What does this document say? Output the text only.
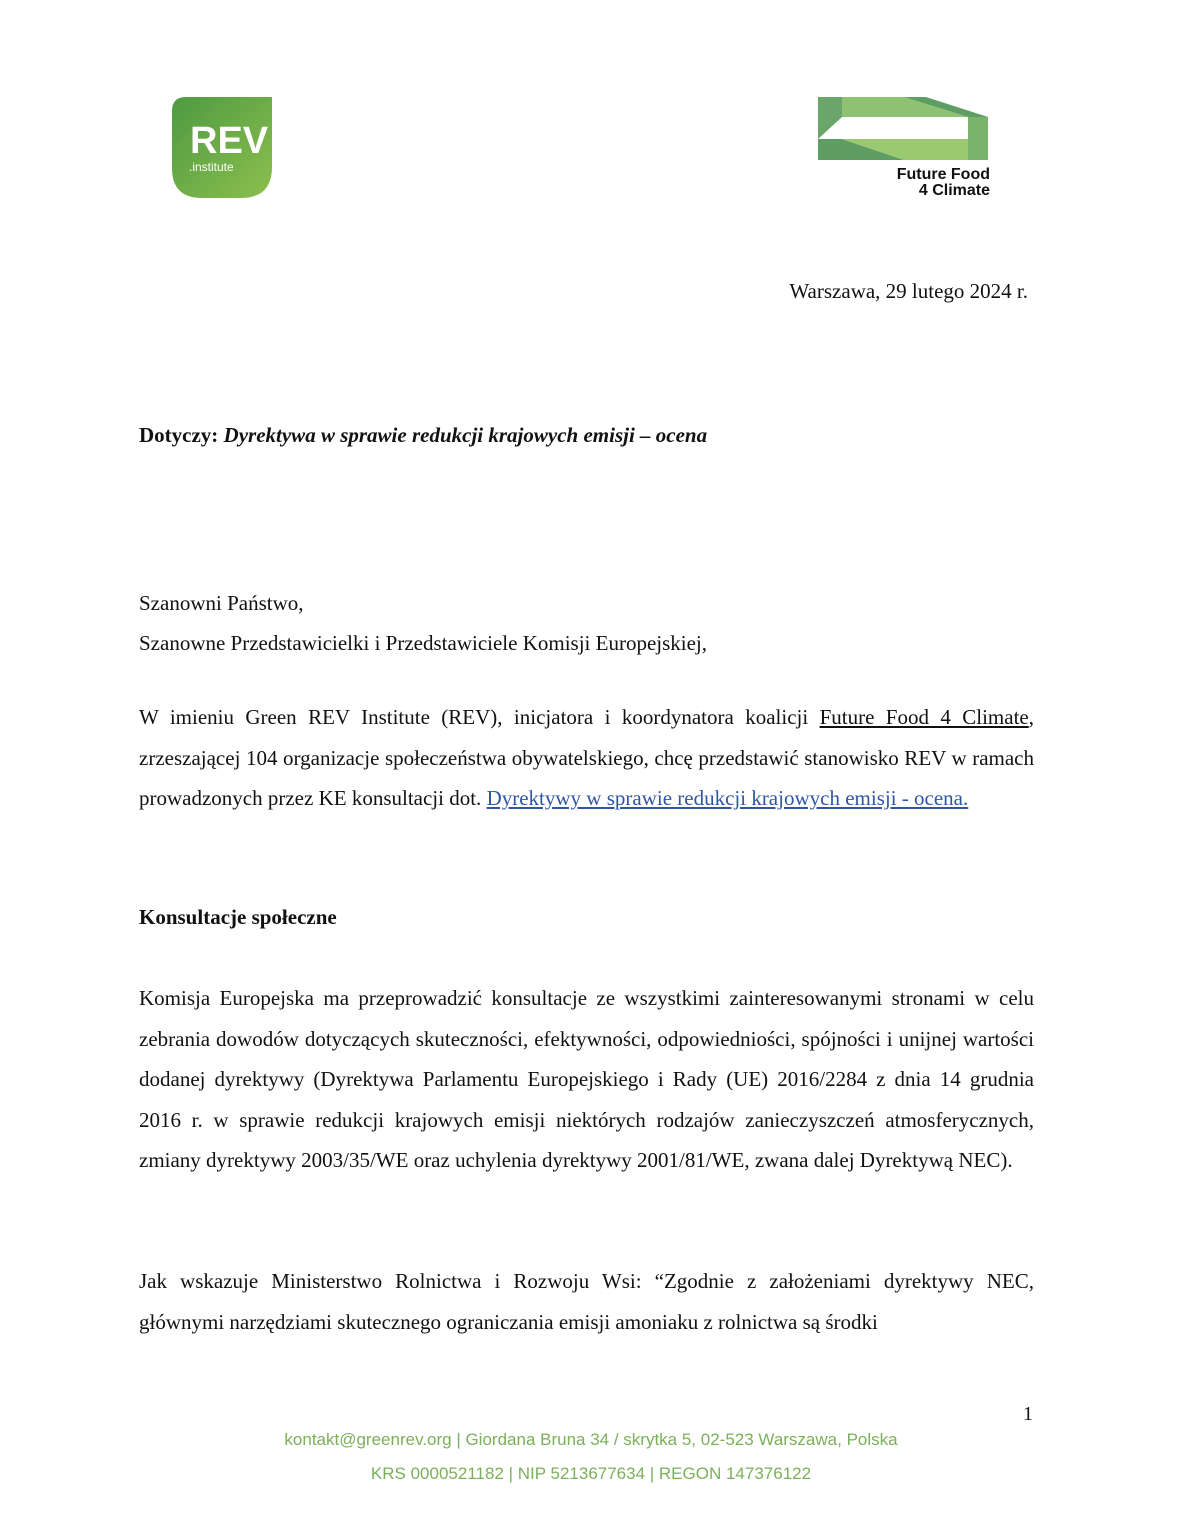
REV
.institute	Future Food
4 Climate
Warszawa, 29 lutego 2024 r.
Dotyczy: Dyrektywa w sprawie redukcji krajowych emisji – ocena
Szanowni Państwo,
Szanowne Przedstawicielki i Przedstawiciele Komisji Europejskiej,
W imieniu Green REV Institute (REV), inicjatora i koordynatora koalicji Future Food 4 Climate, zrzeszającej 104 organizacje społeczeństwa obywatelskiego, chcę przedstawić stanowisko REV w ramach prowadzonych przez KE konsultacji dot. Dyrektywy w sprawie redukcji krajowych emisji - ocena.
Konsultacje społeczne
Komisja Europejska ma przeprowadzić konsultacje ze wszystkimi zainteresowanymi stronami w celu zebrania dowodów dotyczących skuteczności, efektywności, odpowiedniości, spójności i unijnej wartości dodanej dyrektywy (Dyrektywa Parlamentu Europejskiego i Rady (UE) 2016/2284 z dnia 14 grudnia 2016 r. w sprawie redukcji krajowych emisji niektórych rodzajów zanieczyszczeń atmosferycznych, zmiany dyrektywy 2003/35/WE oraz uchylenia dyrektywy 2001/81/WE, zwana dalej Dyrektywą NEC).
Jak wskazuje Ministerstwo Rolnictwa i Rozwoju Wsi: “Zgodnie z założeniami dyrektywy NEC,
głównymi narzędziami skutecznego ograniczania emisji amoniaku z rolnictwa są środki
1
kontakt@greenrev.org | Giordana Bruna 34 / skrytka 5, 02-523 Warszawa, Polska
KRS 0000521182 | NIP 5213677634 | REGON 147376122
